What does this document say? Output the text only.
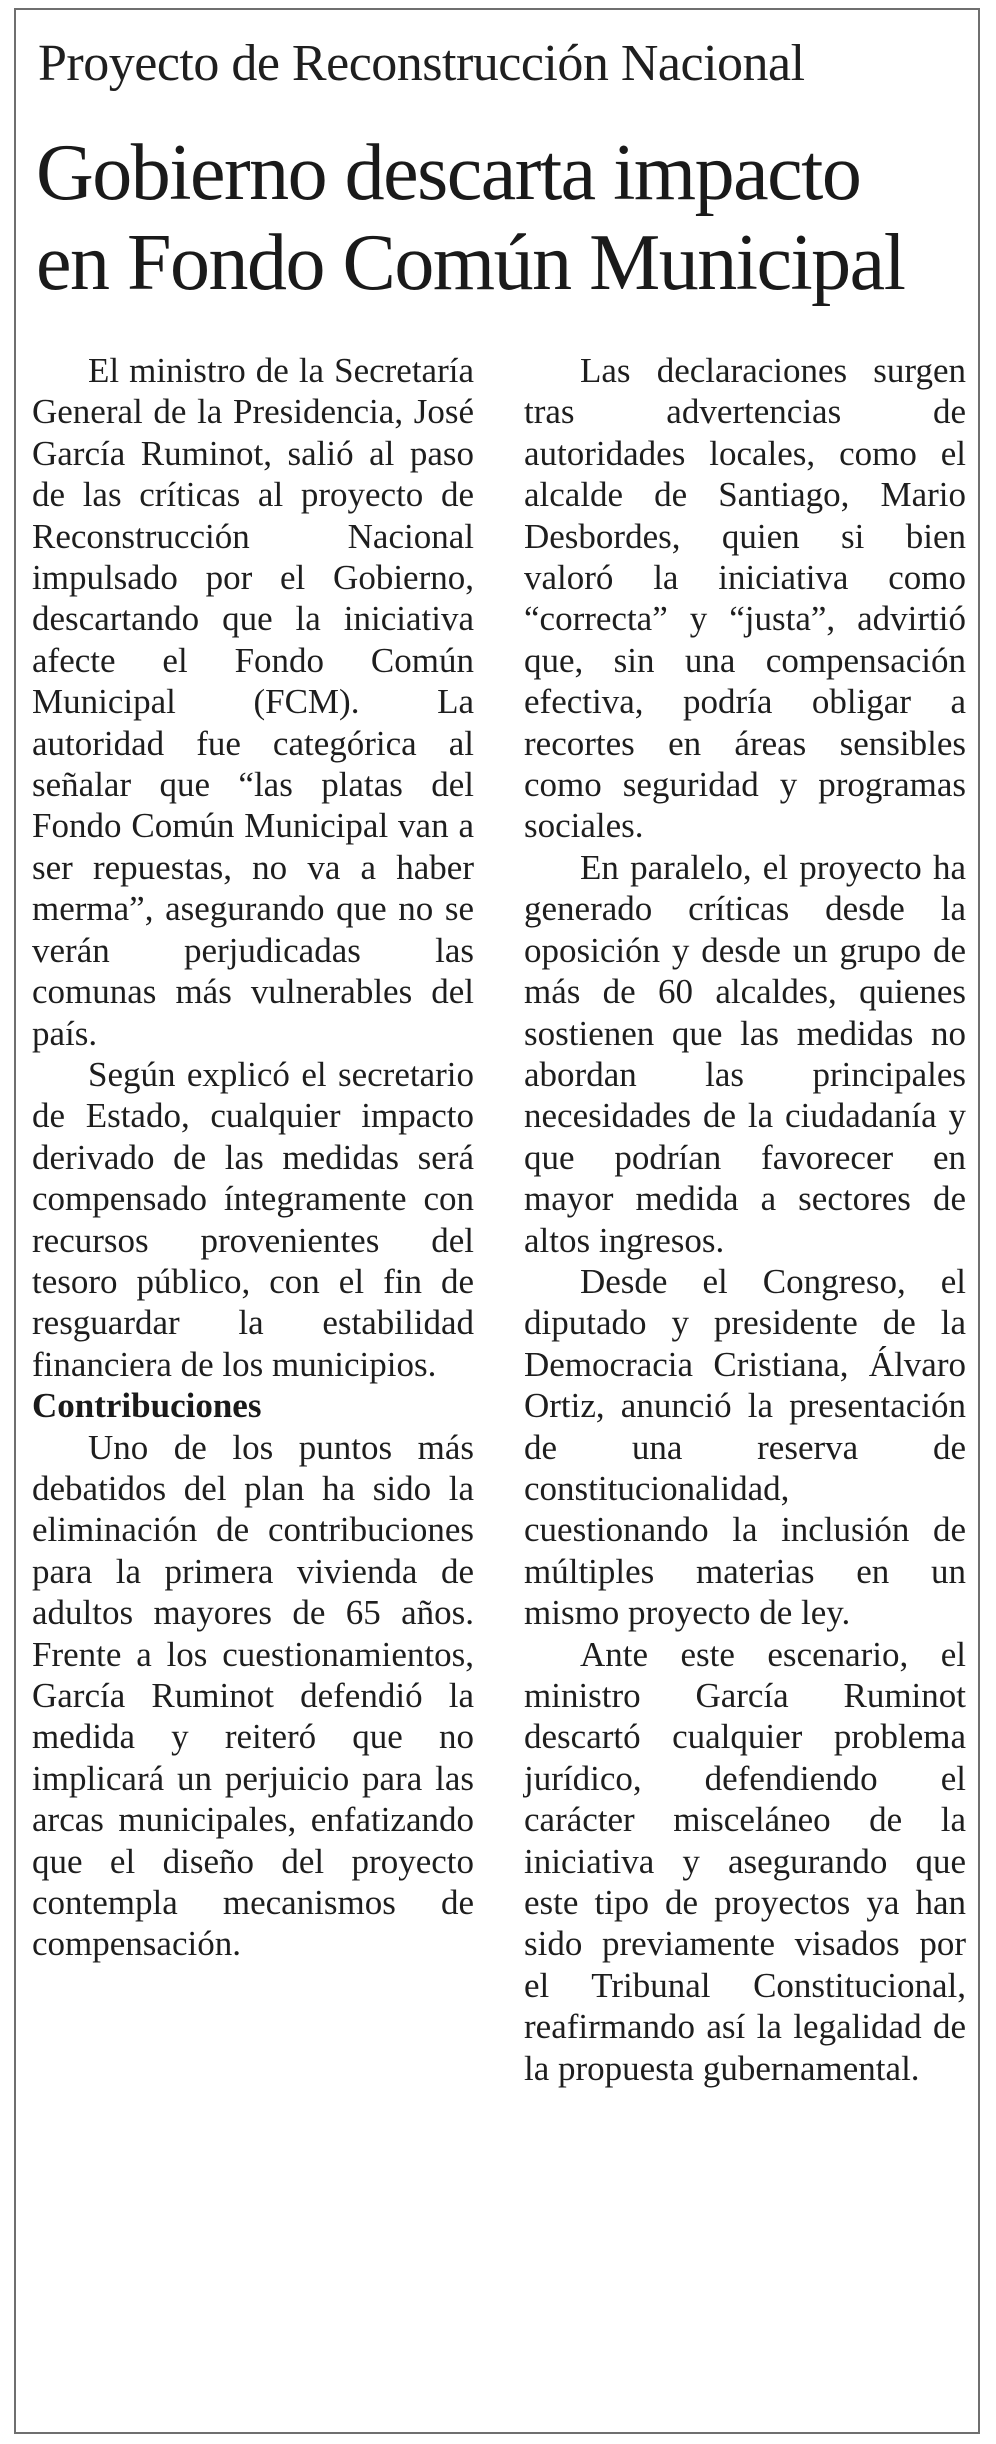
Proyecto de Reconstrucción Nacional
Gobierno descarta impacto
en Fondo Común Municipal

El ministro de la Secretaría General de la Presidencia, José García Ruminot, salió al paso de las críticas al proyecto de Reconstrucción Nacional impulsado por el Gobierno, descartando que la iniciativa afecte el Fondo Común Municipal (FCM). La autoridad fue categórica al señalar que “las platas del Fondo Común Municipal van a ser repuestas, no va a haber merma”, asegurando que no se verán perjudicadas las comunas más vulnerables del país.

Según explicó el secretario de Estado, cualquier impacto derivado de las medidas será compensado íntegramente con recursos provenientes del tesoro público, con el fin de resguardar la estabilidad financiera de los municipios.

Contribuciones

Uno de los puntos más debatidos del plan ha sido la eliminación de contribuciones para la primera vivienda de adultos mayores de 65 años. Frente a los cuestionamientos, García Ruminot defendió la medida y reiteró que no implicará un perjuicio para las arcas municipales, enfatizando que el diseño del proyecto contempla mecanismos de compensación.

Las declaraciones surgen tras advertencias de autoridades locales, como el alcalde de Santiago, Mario Desbordes, quien si bien valoró la iniciativa como “correcta” y “justa”, advirtió que, sin una compensación efectiva, podría obligar a recortes en áreas sensibles como seguridad y programas sociales.

En paralelo, el proyecto ha generado críticas desde la oposición y desde un grupo de más de 60 alcaldes, quienes sostienen que las medidas no abordan las principales necesidades de la ciudadanía y que podrían favorecer en mayor medida a sectores de altos ingresos.

Desde el Congreso, el diputado y presidente de la Democracia Cristiana, Álvaro Ortiz, anunció la presentación de una reserva de constitucionalidad, cuestionando la inclusión de múltiples materias en un mismo proyecto de ley.

Ante este escenario, el ministro García Ruminot descartó cualquier problema jurídico, defendiendo el carácter misceláneo de la iniciativa y asegurando que este tipo de proyectos ya han sido previamente visados por el Tribunal Constitucional, reafirmando así la legalidad de la propuesta gubernamental.
